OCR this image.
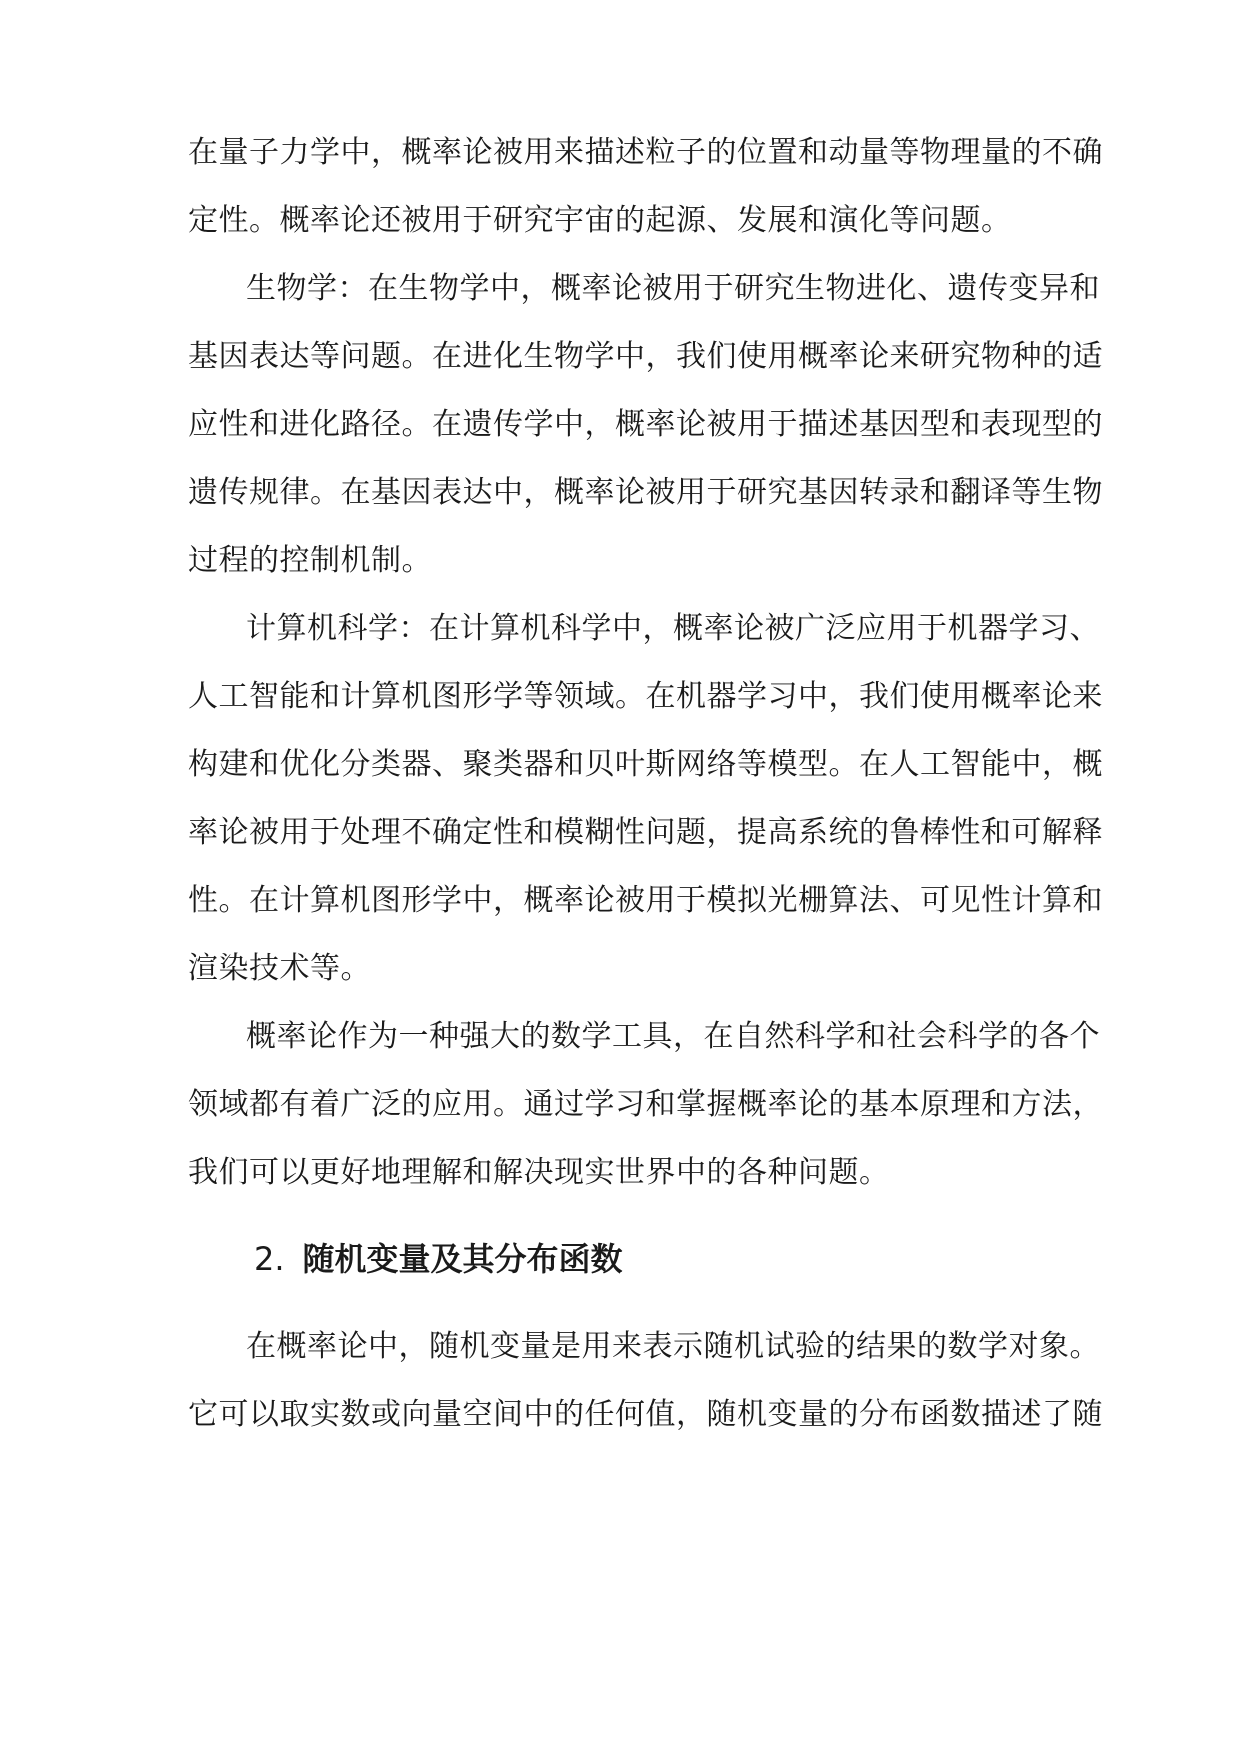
在量子力学中，概率论被用来描述粒子的位置和动量等物理量的不确
定性。概率论还被用于研究宇宙的起源、发展和演化等问题。
生物学：在生物学中，概率论被用于研究生物进化、遗传变异和
基因表达等问题。在进化生物学中，我们使用概率论来研究物种的适
应性和进化路径。在遗传学中，概率论被用于描述基因型和表现型的
遗传规律。在基因表达中，概率论被用于研究基因转录和翻译等生物
过程的控制机制。
计算机科学：在计算机科学中，概率论被广泛应用于机器学习、
人工智能和计算机图形学等领域。在机器学习中，我们使用概率论来
构建和优化分类器、聚类器和贝叶斯网络等模型。在人工智能中，概
率论被用于处理不确定性和模糊性问题，提高系统的鲁棒性和可解释
性。在计算机图形学中，概率论被用于模拟光栅算法、可见性计算和
渲染技术等。
概率论作为一种强大的数学工具，在自然科学和社会科学的各个
领域都有着广泛的应用。通过学习和掌握概率论的基本原理和方法，
我们可以更好地理解和解决现实世界中的各种问题。
2. 随机变量及其分布函数
在概率论中，随机变量是用来表示随机试验的结果的数学对象。
它可以取实数或向量空间中的任何值，随机变量的分布函数描述了随
